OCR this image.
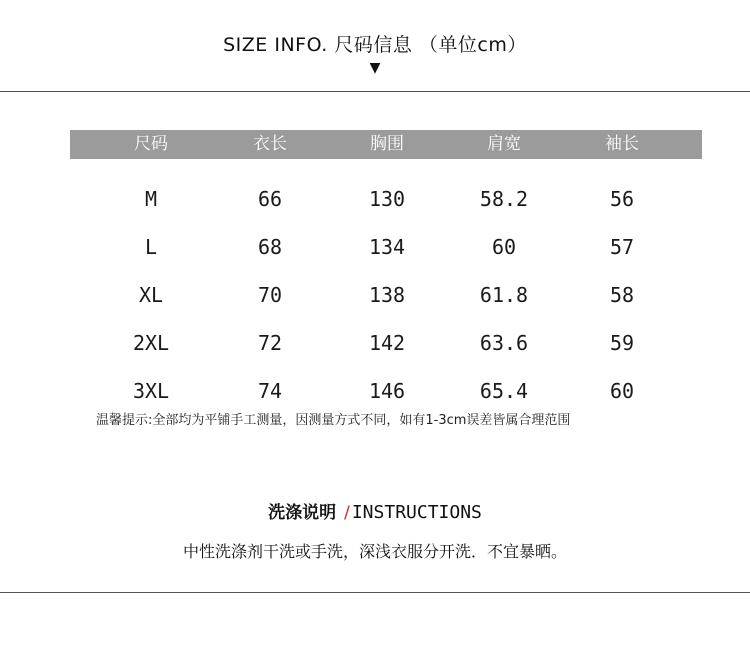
SIZE INFO. 尺码信息 （单位cm）
▼
尺码	衣长	胸围	肩宽	袖长
M	66	130	58.2	56
L	68	134	60	57
XL	70	138	61.8	58
2XL	72	142	63.6	59
3XL	74	146	65.4	60
温馨提示:全部均为平铺手工测量，因测量方式不同，如有1-3cm误差皆属合理范围
洗涤说明 / INSTRUCTIONS
中性洗涤剂干洗或手洗，深浅衣服分开洗．不宜暴晒。
